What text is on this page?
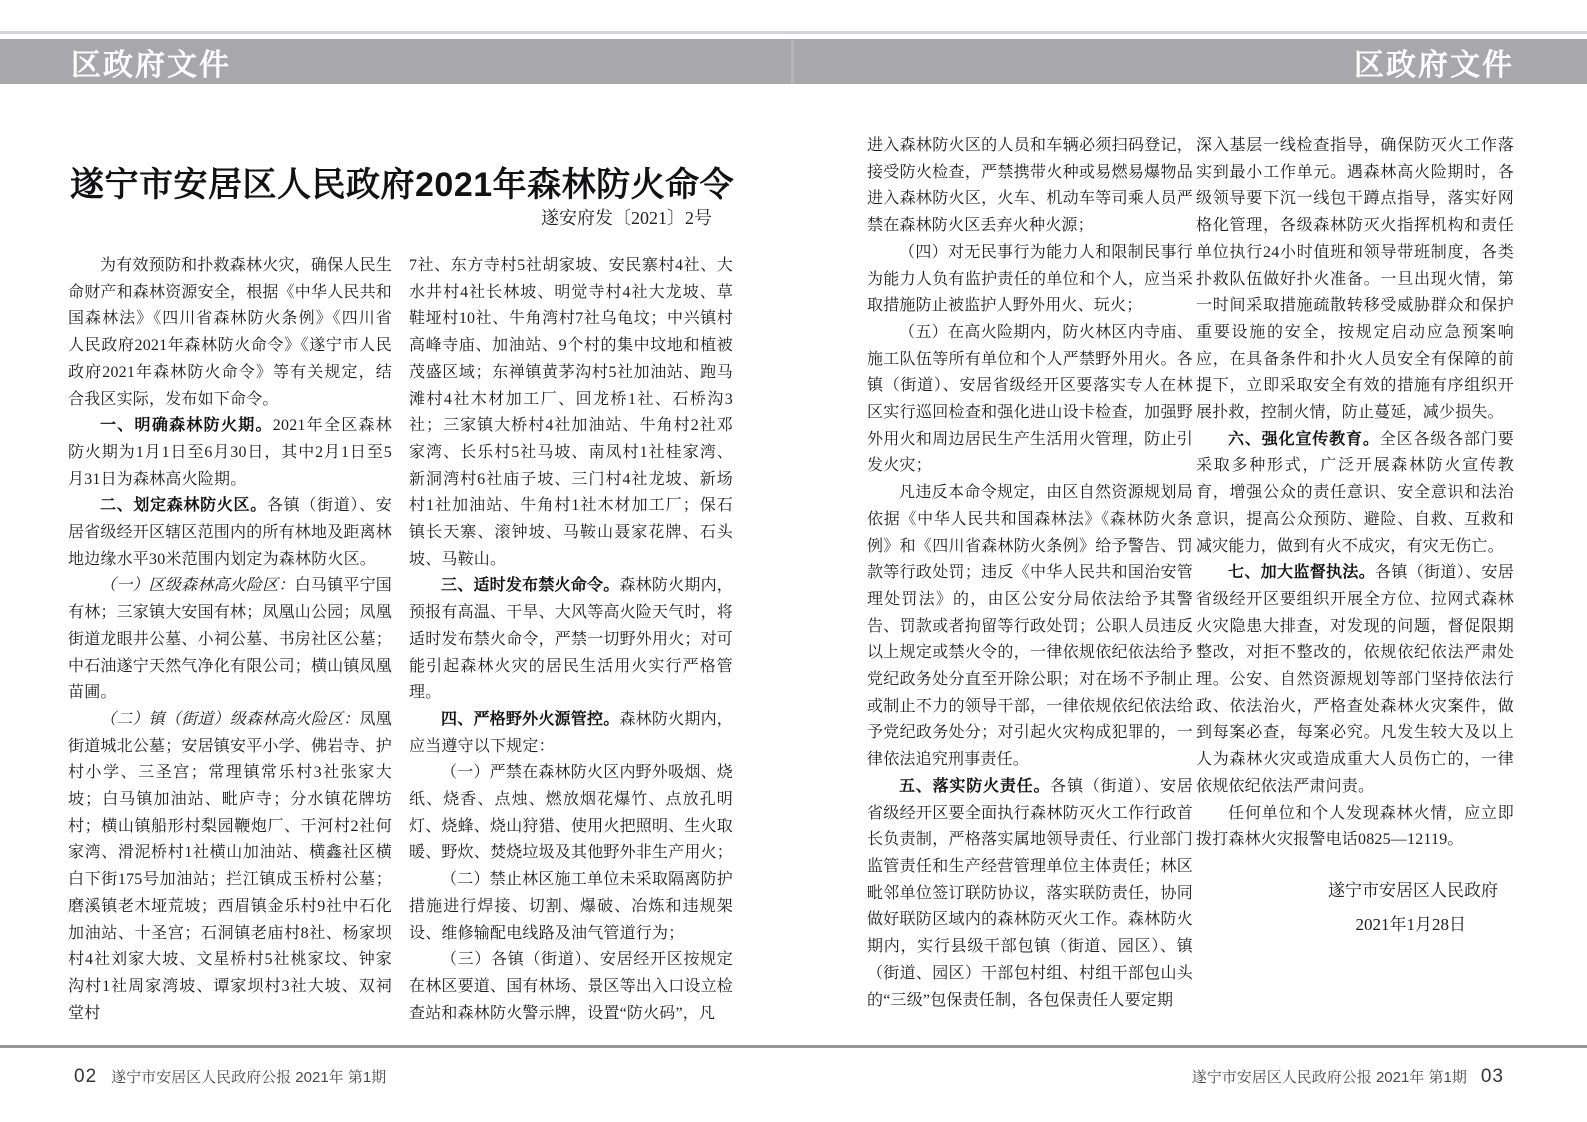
区政府文件	区政府文件
遂宁市安居区人民政府2021年森林防火命令
遂安府发〔2021〕2号

为有效预防和扑救森林火灾，确保人民生命财产和森林资源安全，根据《中华人民共和国森林法》《四川省森林防火条例》《四川省人民政府2021年森林防火命令》《遂宁市人民政府2021年森林防火命令》等有关规定，结合我区实际，发布如下命令。

一、明确森林防火期。2021年全区森林防火期为1月1日至6月30日，其中2月1日至5月31日为森林高火险期。

二、划定森林防火区。各镇（街道）、安居省级经开区辖区范围内的所有林地及距离林地边缘水平30米范围内划定为森林防火区。

（一）区级森林高火险区：白马镇平宁国有林；三家镇大安国有林；凤凰山公园；凤凰街道龙眼井公墓、小祠公墓、书房社区公墓；中石油遂宁天然气净化有限公司；横山镇凤凰苗圃。

（二）镇（街道）级森林高火险区：凤凰街道城北公墓；安居镇安平小学、佛岩寺、护村小学、三圣宫；常理镇常乐村3社张家大坡；白马镇加油站、毗庐寺；分水镇花牌坊村；横山镇船形村梨园鞭炮厂、干河村2社何家湾、滑泥桥村1社横山加油站、横鑫社区横白下街175号加油站；拦江镇成玉桥村公墓；磨溪镇老木垭荒坡；西眉镇金乐村9社中石化加油站、十圣宫；石洞镇老庙村8社、杨家坝村4社刘家大坡、文星桥村5社桃家坟、钟家沟村1社周家湾坡、谭家坝村3社大坡、双祠堂村

7社、东方寺村5社胡家坡、安民寨村4社、大水井村4社长林坡、明觉寺村4社大龙坡、草鞋垭村10社、牛角湾村7社乌龟坟；中兴镇村高峰寺庙、加油站、9个村的集中坟地和植被茂盛区域；东禅镇黄茅沟村5社加油站、跑马滩村4社木材加工厂、回龙桥1社、石桥沟3社；三家镇大桥村4社加油站、牛角村2社邓家湾、长乐村5社马坡、南凤村1社桂家湾、新洞湾村6社庙子坡、三门村4社龙坡、新场村1社加油站、牛角村1社木材加工厂；保石镇长天寨、滚钟坡、马鞍山聂家花牌、石头坡、马鞍山。

三、适时发布禁火命令。森林防火期内，预报有高温、干旱、大风等高火险天气时，将适时发布禁火命令，严禁一切野外用火；对可能引起森林火灾的居民生活用火实行严格管理。

四、严格野外火源管控。森林防火期内，应当遵守以下规定：

（一）严禁在森林防火区内野外吸烟、烧纸、烧香、点烛、燃放烟花爆竹、点放孔明灯、烧蜂、烧山狩猎、使用火把照明、生火取暖、野炊、焚烧垃圾及其他野外非生产用火；

（二）禁止林区施工单位未采取隔离防护措施进行焊接、切割、爆破、冶炼和违规架设、维修输配电线路及油气管道行为；

（三）各镇（街道）、安居经开区按规定在林区要道、国有林场、景区等出入口设立检查站和森林防火警示牌，设置“防火码”，凡

进入森林防火区的人员和车辆必须扫码登记，接受防火检查，严禁携带火种或易燃易爆物品进入森林防火区，火车、机动车等司乘人员严禁在森林防火区丢弃火种火源；

（四）对无民事行为能力人和限制民事行为能力人负有监护责任的单位和个人，应当采取措施防止被监护人野外用火、玩火；

（五）在高火险期内，防火林区内寺庙、施工队伍等所有单位和个人严禁野外用火。各镇（街道）、安居省级经开区要落实专人在林区实行巡回检查和强化进山设卡检查，加强野外用火和周边居民生产生活用火管理，防止引发火灾；

凡违反本命令规定，由区自然资源规划局依据《中华人民共和国森林法》《森林防火条例》和《四川省森林防火条例》给予警告、罚款等行政处罚；违反《中华人民共和国治安管理处罚法》的，由区公安分局依法给予其警告、罚款或者拘留等行政处罚；公职人员违反以上规定或禁火令的，一律依规依纪依法给予党纪政务处分直至开除公职；对在场不予制止或制止不力的领导干部，一律依规依纪依法给予党纪政务处分；对引起火灾构成犯罪的，一律依法追究刑事责任。

五、落实防火责任。各镇（街道）、安居省级经开区要全面执行森林防灭火工作行政首长负责制，严格落实属地领导责任、行业部门监管责任和生产经营管理单位主体责任；林区毗邻单位签订联防协议，落实联防责任，协同做好联防区域内的森林防灭火工作。森林防火期内，实行县级干部包镇（街道、园区）、镇（街道、园区）干部包村组、村组干部包山头的“三级”包保责任制，各包保责任人要定期

深入基层一线检查指导，确保防灭火工作落实到最小工作单元。遇森林高火险期时，各级领导要下沉一线包干蹲点指导，落实好网格化管理，各级森林防灭火指挥机构和责任单位执行24小时值班和领导带班制度，各类扑救队伍做好扑火准备。一旦出现火情，第一时间采取措施疏散转移受威胁群众和保护重要设施的安全，按规定启动应急预案响应，在具备条件和扑火人员安全有保障的前提下，立即采取安全有效的措施有序组织开展扑救，控制火情，防止蔓延，减少损失。

六、强化宣传教育。全区各级各部门要采取多种形式，广泛开展森林防火宣传教育，增强公众的责任意识、安全意识和法治意识，提高公众预防、避险、自救、互救和减灾能力，做到有火不成灾，有灾无伤亡。

七、加大监督执法。各镇（街道）、安居省级经开区要组织开展全方位、拉网式森林火灾隐患大排查，对发现的问题，督促限期整改，对拒不整改的，依规依纪依法严肃处理。公安、自然资源规划等部门坚持依法行政、依法治火，严格查处森林火灾案件，做到每案必查，每案必究。凡发生较大及以上人为森林火灾或造成重大人员伤亡的，一律依规依纪依法严肃问责。

任何单位和个人发现森林火情，应立即拨打森林火灾报警电话0825—12119。

遂宁市安居区人民政府
2021年1月28日
02 遂宁市安居区人民政府公报 2021年 第1期	遂宁市安居区人民政府公报 2021年 第1期 03
